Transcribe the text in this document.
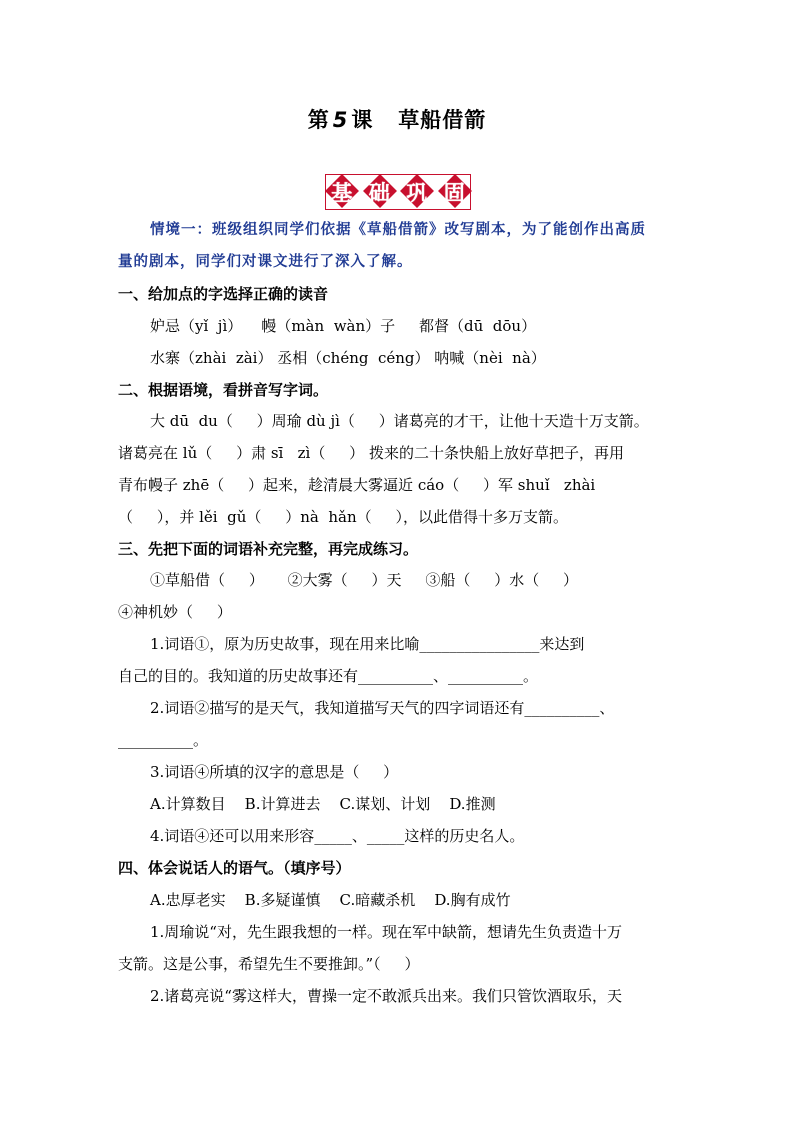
第 5 课 草船借箭
基 础 巩 固
情境一：班级组织同学们依据《草船借箭》改写剧本，为了能创作出高质
量的剧本，同学们对课文进行了深入了解。
一、给加点的字选择正确的读音
妒忌（yǐ  jì）    幔（màn  wàn）子     都督（dū  dōu）
水寨（zhài  zài） 丞相（chéng  céng） 呐喊（nèi  nà）
二、根据语境，看拼音写字词。
大 dū  du（     ）周瑜 dù jì（     ）诸葛亮的才干，让他十天造十万支箭。
诸葛亮在 lǔ（     ）肃 sī   zì（     ） 拨来的二十条快船上放好草把子，再用
青布幔子 zhē（     ）起来，趁清晨大雾逼近 cáo（     ）军 shuǐ   zhài
（     ），并 lěi  gǔ（     ）nà  hǎn（     ），以此借得十多万支箭。
三、先把下面的词语补充完整，再完成练习。
①草船借（     ）     ②大雾（     ）天     ③船（     ）水（     ）
④神机妙（     ）
1.词语①，原为历史故事，现在用来比喻________________来达到
自己的目的。我知道的历史故事还有__________、__________。
2.词语②描写的是天气，我知道描写天气的四字词语还有__________、
__________。
3.词语④所填的汉字的意思是（     ）
A.计算数目    B.计算进去    C.谋划、计划    D.推测
4.词语④还可以用来形容_____、_____这样的历史名人。
四、体会说话人的语气。（填序号）
A.忠厚老实    B.多疑谨慎    C.暗藏杀机    D.胸有成竹
1.周瑜说“对，先生跟我想的一样。现在军中缺箭，想请先生负责造十万
支箭。这是公事，希望先生不要推卸。”（     ）
2.诸葛亮说“雾这样大，曹操一定不敢派兵出来。我们只管饮酒取乐，天
